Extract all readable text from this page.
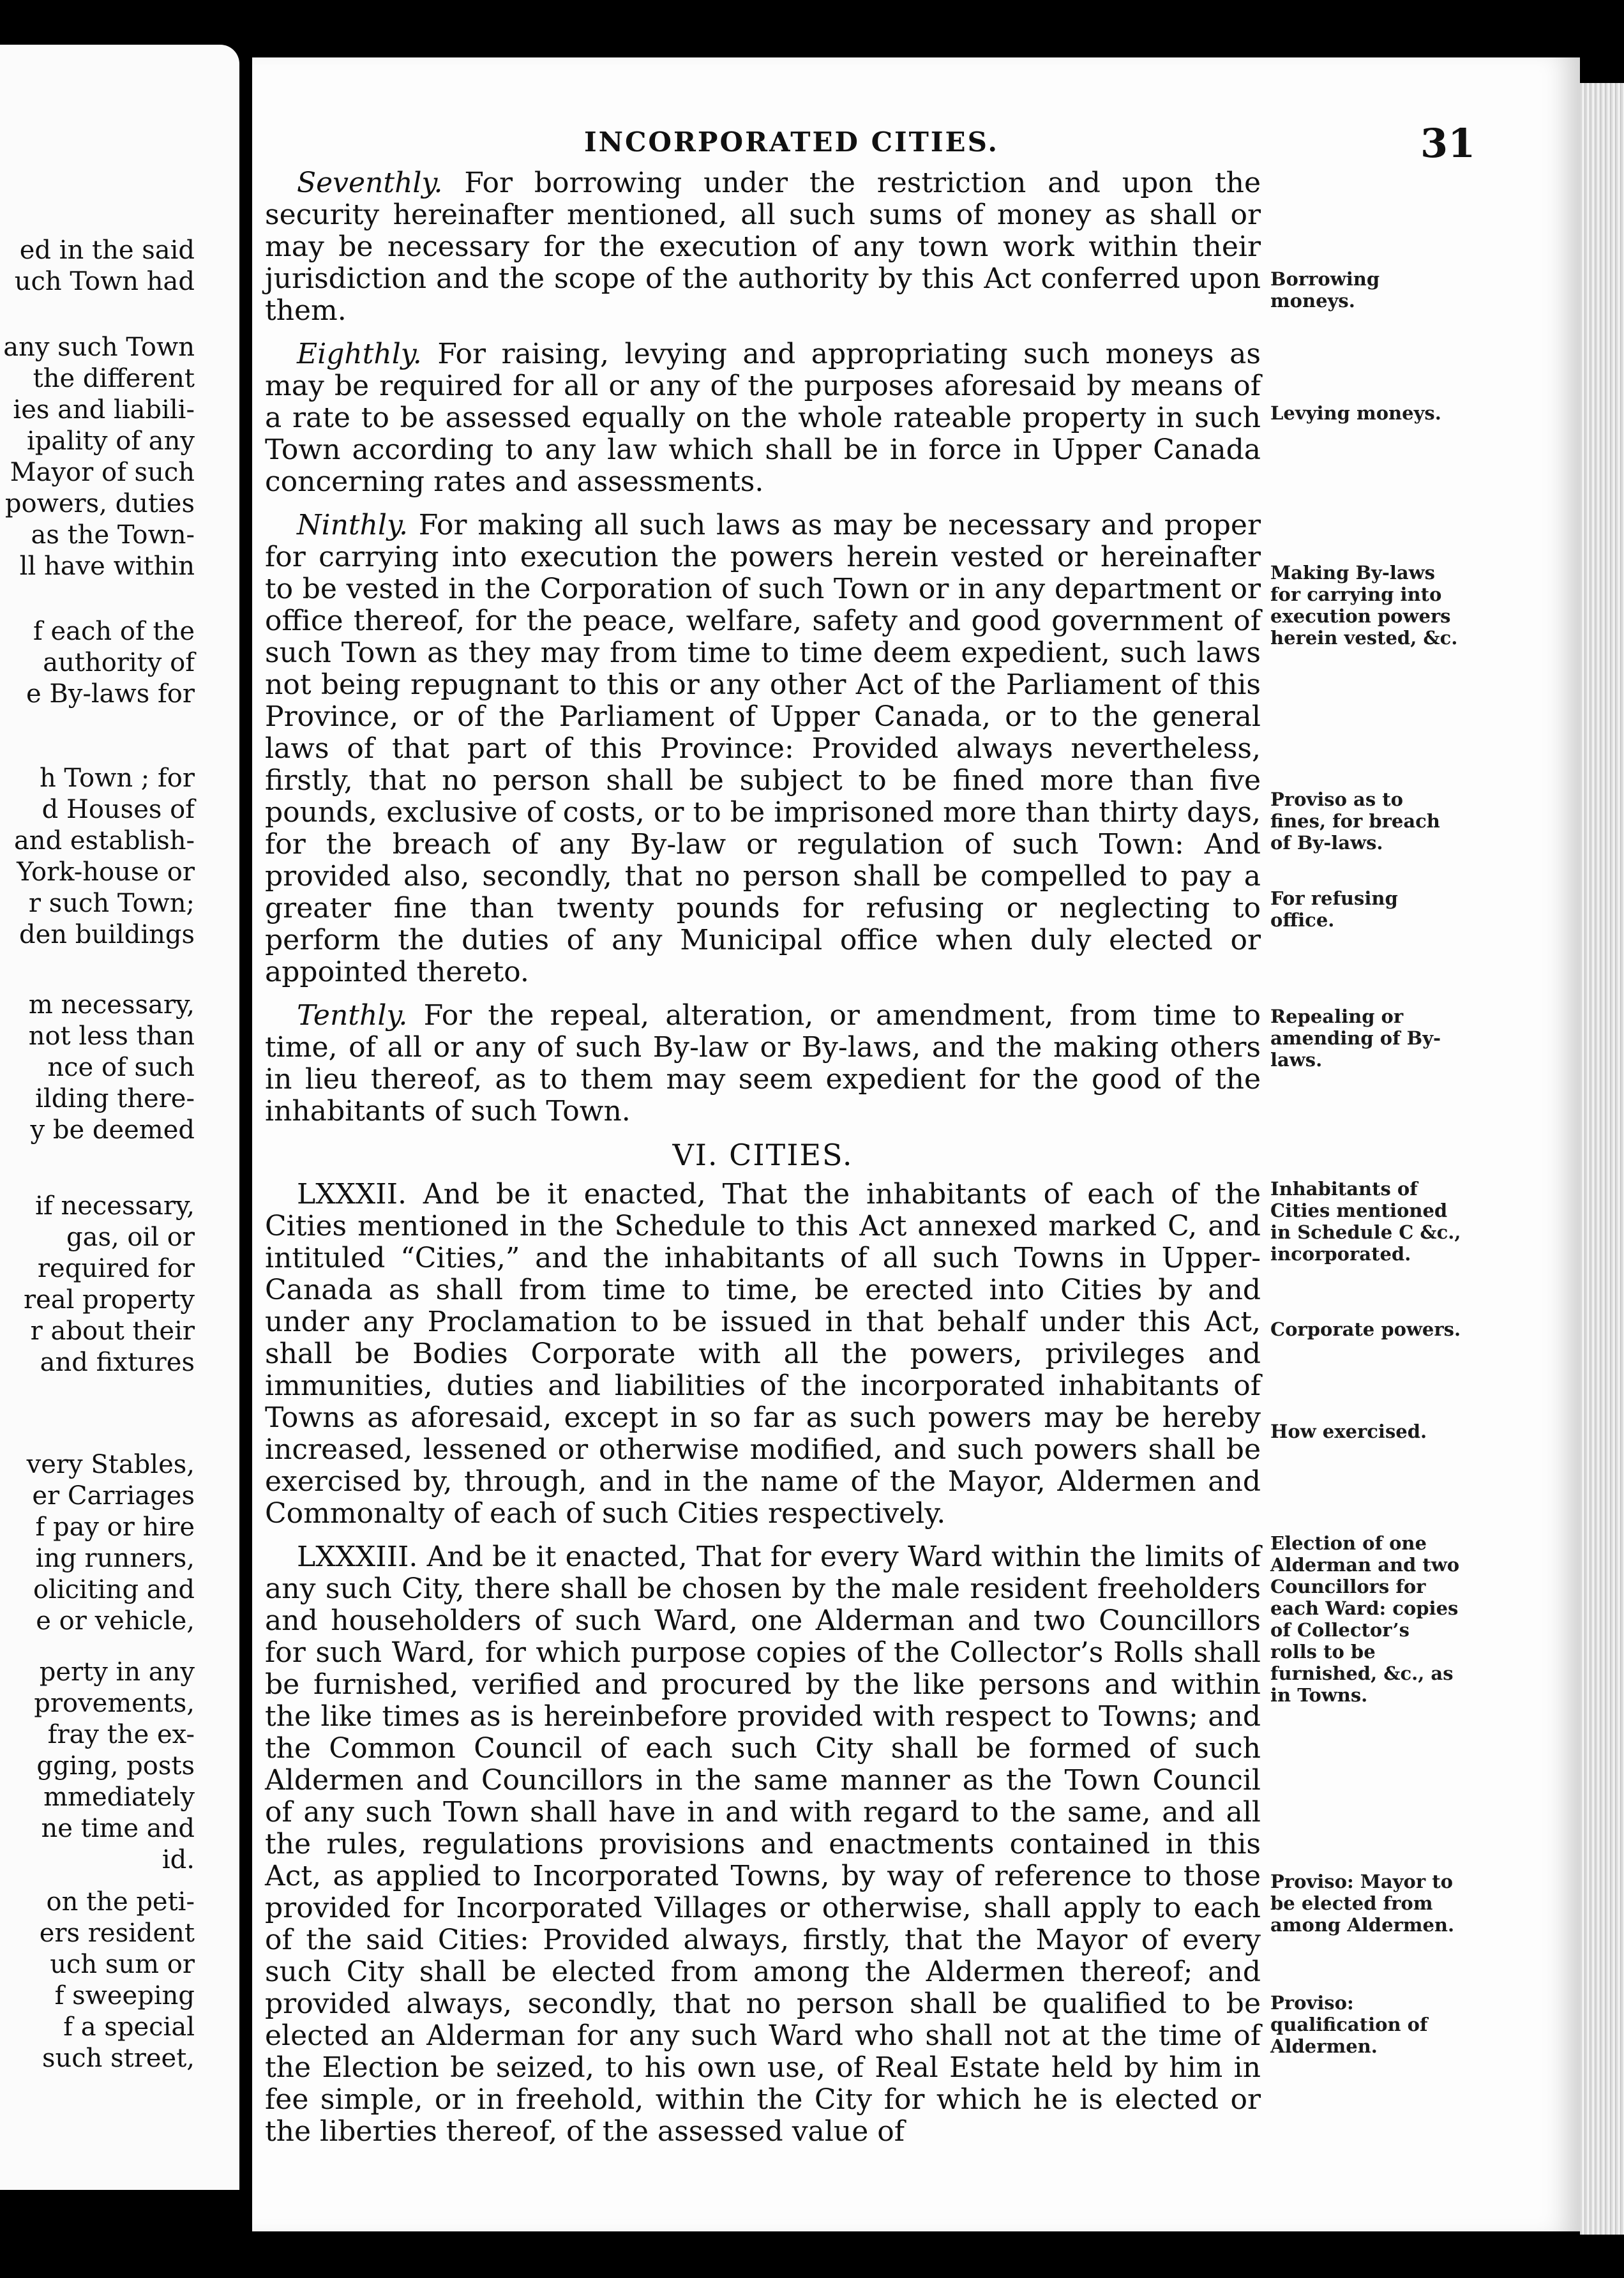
ed in the said
uch Town had
any such Town
the different
ies and liabili-
ipality of any
Mayor of such
powers, duties
as the Town-
ll have within
f each of the
authority of
e By-laws for
h Town ; for
d Houses of
and establish-
York-house or
r such Town;
den buildings
m necessary,
not less than
nce of such
ilding there-
y be deemed
if necessary,
gas, oil or
required for
real property
r about their
and fixtures
very Stables,
er Carriages
f pay or hire
ing runners,
oliciting and
e or vehicle,
perty in any
provements,
fray the ex-
gging, posts
mmediately
ne time and
id.
on the peti-
ers resident
uch sum or
f sweeping
f a special
such street,
INCORPORATED CITIES.	31

Seventhly. For borrowing under the restriction and upon the security hereinafter mentioned, all such sums of money as shall or may be necessary for the execution of any town work within their jurisdiction and the scope of the authority by this Act conferred upon them.

Eighthly. For raising, levying and appropriating such moneys as may be required for all or any of the purposes aforesaid by means of a rate to be assessed equally on the whole rateable property in such Town according to any law which shall be in force in Upper Canada concerning rates and assessments.

Ninthly. For making all such laws as may be necessary and proper for carrying into execution the powers herein vested or hereinafter to be vested in the Corporation of such Town or in any department or office thereof, for the peace, welfare, safety and good government of such Town as they may from time to time deem expedient, such laws not being repugnant to this or any other Act of the Parliament of this Province, or of the Parliament of Upper Canada, or to the general laws of that part of this Province: Provided always nevertheless, firstly, that no person shall be subject to be fined more than five pounds, exclusive of costs, or to be imprisoned more than thirty days, for the breach of any By-law or regulation of such Town: And provided also, secondly, that no person shall be compelled to pay a greater fine than twenty pounds for refusing or neglecting to perform the duties of any Municipal office when duly elected or appointed thereto.

Tenthly. For the repeal, alteration, or amendment, from time to time, of all or any of such By-law or By-laws, and the making others in lieu thereof, as to them may seem expedient for the good of the inhabitants of such Town.

VI. CITIES.

LXXXII. And be it enacted, That the inhabitants of each of the Cities mentioned in the Schedule to this Act annexed marked C, and intituled “Cities,” and the inhabitants of all such Towns in Upper-Canada as shall from time to time, be erected into Cities by and under any Proclamation to be issued in that behalf under this Act, shall be Bodies Corporate with all the powers, privileges and immunities, duties and liabilities of the incorporated inhabitants of Towns as aforesaid, except in so far as such powers may be hereby increased, lessened or otherwise modified, and such powers shall be exercised by, through, and in the name of the Mayor, Aldermen and Commonalty of each of such Cities respectively.

LXXXIII. And be it enacted, That for every Ward within the limits of any such City, there shall be chosen by the male resident freeholders and householders of such Ward, one Alderman and two Councillors for such Ward, for which purpose copies of the Collector’s Rolls shall be furnished, verified and procured by the like persons and within the like times as is hereinbefore provided with respect to Towns; and the Common Council of each such City shall be formed of such Aldermen and Councillors in the same manner as the Town Council of any such Town shall have in and with regard to the same, and all the rules, regulations provisions and enactments contained in this Act, as applied to Incorporated Towns, by way of reference to those provided for Incorporated Villages or otherwise, shall apply to each of the said Cities: Provided always, firstly, that the Mayor of every such City shall be elected from among the Aldermen thereof; and provided always, secondly, that no person shall be qualified to be elected an Alderman for any such Ward who shall not at the time of the Election be seized, to his own use, of Real Estate held by him in fee simple, or in freehold, within the City for which he is elected or the liberties thereof, of the assessed value of

Borrowing moneys.
Levying moneys.
Making By-laws for carrying into execution powers herein vested, &c.
Proviso as to fines, for breach of By-laws.
For refusing office.
Repealing or amending of By-laws.
Inhabitants of Cities mentioned in Schedule C &c., incorporated.
Corporate powers.
How exercised.
Election of one Alderman and two Councillors for each Ward: copies of Collector’s rolls to be furnished, &c., as in Towns.
Proviso: Mayor to be elected from among Aldermen.
Proviso: qualification of Aldermen.
